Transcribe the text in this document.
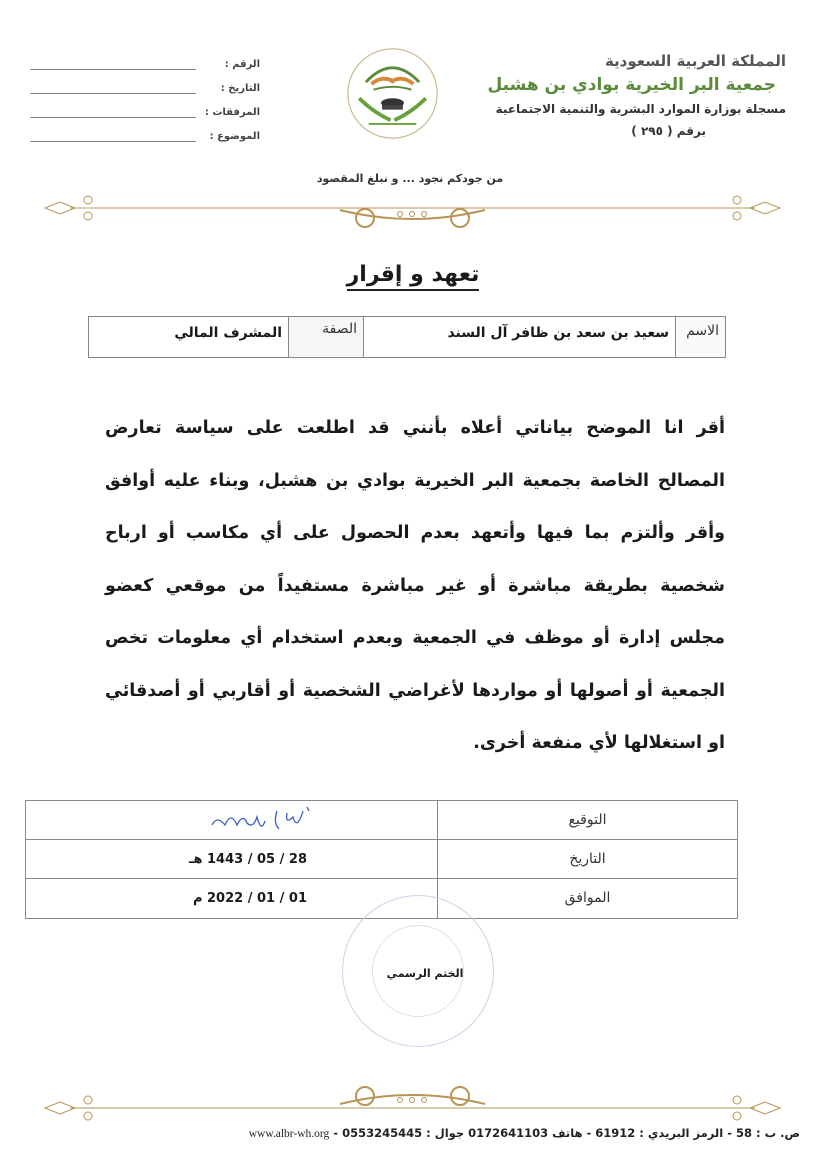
المملكة العربية السعودية
جمعية البر الخيرية بوادي بن هشبل
مسجلة بوزارة الموارد البشرية والتنمية الاجتماعية
برقم ( ٢٩٥ )
الرقم :
التاريخ :
المرفقات :
الموضوع :
من جودكم نجود ... و نبلغ المقصود
تعهد و إقرار
الاسم
سعيد بن سعد بن ظافر آل السند
الصفة
المشرف المالي
أقر انا الموضح بياناتي أعلاه بأنني قد اطلعت على سياسة تعارض المصالح الخاصة بجمعية البر الخيرية بوادي بن هشبل، وبناء عليه أوافق وأقر وألتزم بما فيها وأتعهد بعدم الحصول على أي مكاسب أو ارباح شخصية بطريقة مباشرة أو غير مباشرة مستفيداً من موقعي كعضو مجلس إدارة أو موظف في الجمعية وبعدم استخدام أي معلومات تخص الجمعية أو أصولها أو مواردها لأغراضي الشخصية أو أقاربي أو أصدقائي او استغلالها لأي منفعة أخرى.
التوقيع
التاريخ
28 / 05 / 1443 هـ
الموافق
01 / 01 / 2022 م
الختم الرسمي
ص. ب : 58 - الرمز البريدي : 61912 - هاتف 0172641103 جوال : 0553245445 - www.albr-wh.org
